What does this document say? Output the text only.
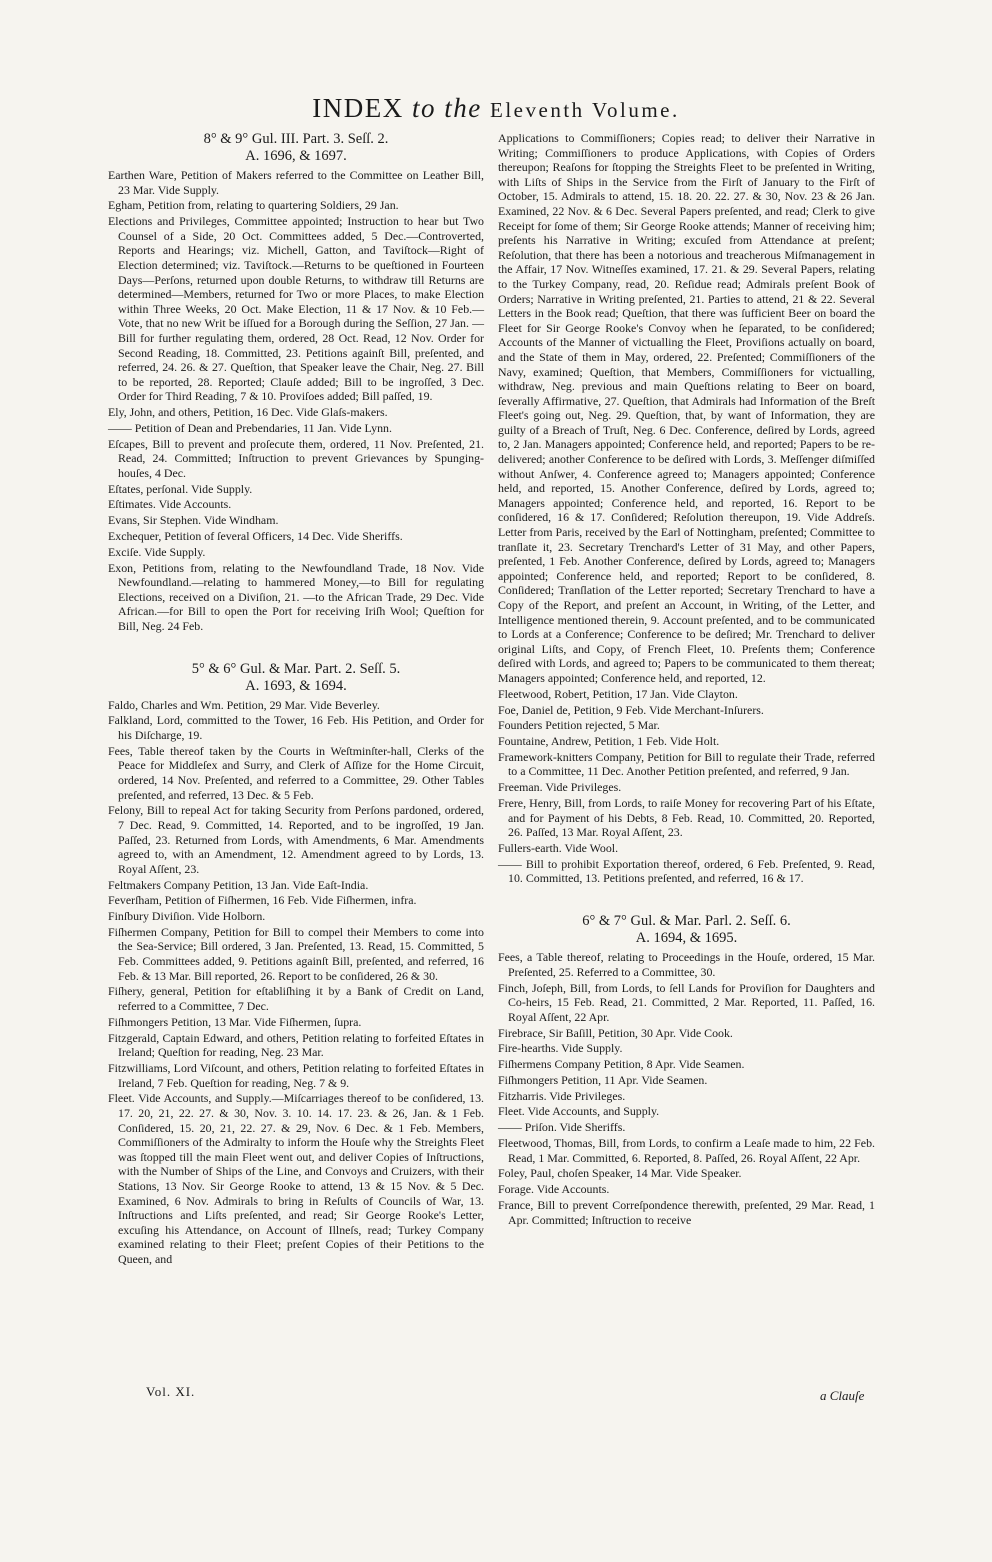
INDEX to the Eleventh Volume.

8° & 9° Gul. III. Part. 3. Seſſ. 2.

A. 1696, & 1697.

Earthen Ware, Petition of Makers referred to the Committee on Leather Bill, 23 Mar. Vide Supply.

Egham, Petition from, relating to quartering Soldiers, 29 Jan.

Elections and Privileges, Committee appointed; Instruction to hear but Two Counsel of a Side, 20 Oct. Committees added, 5 Dec.—Controverted, Reports and Hearings; viz. Michell, Gatton, and Taviſtock—Right of Election determined; viz. Taviſtock.—Returns to be queſtioned in Fourteen Days—Perſons, returned upon double Returns, to withdraw till Returns are determined—Members, returned for Two or more Places, to make Election within Three Weeks, 20 Oct. Make Election, 11 & 17 Nov. & 10 Feb.—Vote, that no new Writ be iſſued for a Borough during the Seſſion, 27 Jan. —Bill for further regulating them, ordered, 28 Oct. Read, 12 Nov. Order for Second Reading, 18. Committed, 23. Petitions againſt Bill, preſented, and referred, 24. 26. & 27. Queſtion, that Speaker leave the Chair, Neg. 27. Bill to be reported, 28. Reported; Clauſe added; Bill to be ingroſſed, 3 Dec. Order for Third Reading, 7 & 10. Proviſoes added; Bill paſſed, 19.

Ely, John, and others, Petition, 16 Dec. Vide Glaſs-makers.

—— Petition of Dean and Prebendaries, 11 Jan. Vide Lynn.

Eſcapes, Bill to prevent and proſecute them, ordered, 11 Nov. Preſented, 21. Read, 24. Committed; Inſtruction to prevent Grievances by Spunging-houſes, 4 Dec.

Eſtates, perſonal. Vide Supply.

Eſtimates. Vide Accounts.

Evans, Sir Stephen. Vide Windham.

Exchequer, Petition of ſeveral Officers, 14 Dec. Vide Sheriffs.

Exciſe. Vide Supply.

Exon, Petitions from, relating to the Newfoundland Trade, 18 Nov. Vide Newfoundland.—relating to hammered Money,—to Bill for regulating Elections, received on a Diviſion, 21. —to the African Trade, 29 Dec. Vide African.—for Bill to open the Port for receiving Iriſh Wool; Queſtion for Bill, Neg. 24 Feb.

5° & 6° Gul. & Mar. Part. 2. Seſſ. 5.

A. 1693, & 1694.

Faldo, Charles and Wm. Petition, 29 Mar. Vide Beverley.

Falkland, Lord, committed to the Tower, 16 Feb. His Petition, and Order for his Diſcharge, 19.

Fees, Table thereof taken by the Courts in Weſtminſter-hall, Clerks of the Peace for Middleſex and Surry, and Clerk of Aſſize for the Home Circuit, ordered, 14 Nov. Preſented, and referred to a Committee, 29. Other Tables preſented, and referred, 13 Dec. & 5 Feb.

Felony, Bill to repeal Act for taking Security from Perſons pardoned, ordered, 7 Dec. Read, 9. Committed, 14. Reported, and to be ingroſſed, 19 Jan. Paſſed, 23. Returned from Lords, with Amendments, 6 Mar. Amendments agreed to, with an Amendment, 12. Amendment agreed to by Lords, 13. Royal Aſſent, 23.

Feltmakers Company Petition, 13 Jan. Vide Eaſt-India.

Feverſham, Petition of Fiſhermen, 16 Feb. Vide Fiſhermen, infra.

Finſbury Diviſion. Vide Holborn.

Fiſhermen Company, Petition for Bill to compel their Members to come into the Sea-Service; Bill ordered, 3 Jan. Preſented, 13. Read, 15. Committed, 5 Feb. Committees added, 9. Petitions againſt Bill, preſented, and referred, 16 Feb. & 13 Mar. Bill reported, 26. Report to be conſidered, 26 & 30.

Fiſhery, general, Petition for eſtabliſhing it by a Bank of Credit on Land, referred to a Committee, 7 Dec.

Fiſhmongers Petition, 13 Mar. Vide Fiſhermen, ſupra.

Fitzgerald, Captain Edward, and others, Petition relating to forfeited Eſtates in Ireland; Queſtion for reading, Neg. 23 Mar.

Fitzwilliams, Lord Viſcount, and others, Petition relating to forfeited Eſtates in Ireland, 7 Feb. Queſtion for reading, Neg. 7 & 9.

Fleet. Vide Accounts, and Supply.—Miſcarriages thereof to be conſidered, 13. 17. 20, 21, 22. 27. & 30, Nov. 3. 10. 14. 17. 23. & 26, Jan. & 1 Feb. Conſidered, 15. 20, 21, 22. 27. & 29, Nov. 6 Dec. & 1 Feb. Members, Commiſſioners of the Admiralty to inform the Houſe why the Streights Fleet was ſtopped till the main Fleet went out, and deliver Copies of Inſtructions, with the Number of Ships of the Line, and Convoys and Cruizers, with their Stations, 13 Nov. Sir George Rooke to attend, 13 & 15 Nov. & 5 Dec. Examined, 6 Nov. Admirals to bring in Reſults of Councils of War, 13. Inſtructions and Liſts preſented, and read; Sir George Rooke's Letter, excuſing his Attendance, on Account of Illneſs, read; Turkey Company examined relating to their Fleet; preſent Copies of their Petitions to the Queen, and

Applications to Commiſſioners; Copies read; to deliver their Narrative in Writing; Commiſſioners to produce Applications, with Copies of Orders thereupon; Reaſons for ſtopping the Streights Fleet to be preſented in Writing, with Liſts of Ships in the Service from the Firſt of January to the Firſt of October, 15. Admirals to attend, 15. 18. 20. 22. 27. & 30, Nov. 23 & 26 Jan. Examined, 22 Nov. & 6 Dec. Several Papers preſented, and read; Clerk to give Receipt for ſome of them; Sir George Rooke attends; Manner of receiving him; preſents his Narrative in Writing; excuſed from Attendance at preſent; Reſolution, that there has been a notorious and treacherous Miſmanagement in the Affair, 17 Nov. Witneſſes examined, 17. 21. & 29. Several Papers, relating to the Turkey Company, read, 20. Reſidue read; Admirals preſent Book of Orders; Narrative in Writing preſented, 21. Parties to attend, 21 & 22. Several Letters in the Book read; Queſtion, that there was ſufficient Beer on board the Fleet for Sir George Rooke's Convoy when he ſeparated, to be conſidered; Accounts of the Manner of victualling the Fleet, Proviſions actually on board, and the State of them in May, ordered, 22. Preſented; Commiſſioners of the Navy, examined; Queſtion, that Members, Commiſſioners for victualling, withdraw, Neg. previous and main Queſtions relating to Beer on board, ſeverally Affirmative, 27. Queſtion, that Admirals had Information of the Breſt Fleet's going out, Neg. 29. Queſtion, that, by want of Information, they are guilty of a Breach of Truſt, Neg. 6 Dec. Conference, deſired by Lords, agreed to, 2 Jan. Managers appointed; Conference held, and reported; Papers to be re-delivered; another Conference to be deſired with Lords, 3. Meſſenger diſmiſſed without Anſwer, 4. Conference agreed to; Managers appointed; Conference held, and reported, 15. Another Conference, deſired by Lords, agreed to; Managers appointed; Conference held, and reported, 16. Report to be conſidered, 16 & 17. Conſidered; Reſolution thereupon, 19. Vide Addreſs. Letter from Paris, received by the Earl of Nottingham, preſented; Committee to tranſlate it, 23. Secretary Trenchard's Letter of 31 May, and other Papers, preſented, 1 Feb. Another Conference, deſired by Lords, agreed to; Managers appointed; Conference held, and reported; Report to be conſidered, 8. Conſidered; Tranſlation of the Letter reported; Secretary Trenchard to have a Copy of the Report, and preſent an Account, in Writing, of the Letter, and Intelligence mentioned therein, 9. Account preſented, and to be communicated to Lords at a Conference; Conference to be deſired; Mr. Trenchard to deliver original Liſts, and Copy, of French Fleet, 10. Preſents them; Conference deſired with Lords, and agreed to; Papers to be communicated to them thereat; Managers appointed; Conference held, and reported, 12.

Fleetwood, Robert, Petition, 17 Jan. Vide Clayton.

Foe, Daniel de, Petition, 9 Feb. Vide Merchant-Inſurers.

Founders Petition rejected, 5 Mar.

Fountaine, Andrew, Petition, 1 Feb. Vide Holt.

Framework-knitters Company, Petition for Bill to regulate their Trade, referred to a Committee, 11 Dec. Another Petition preſented, and referred, 9 Jan.

Freeman. Vide Privileges.

Frere, Henry, Bill, from Lords, to raiſe Money for recovering Part of his Eſtate, and for Payment of his Debts, 8 Feb. Read, 10. Committed, 20. Reported, 26. Paſſed, 13 Mar. Royal Aſſent, 23.

Fullers-earth. Vide Wool.

—— Bill to prohibit Exportation thereof, ordered, 6 Feb. Preſented, 9. Read, 10. Committed, 13. Petitions preſented, and referred, 16 & 17.

6° & 7° Gul. & Mar. Parl. 2. Seſſ. 6.

A. 1694, & 1695.

Fees, a Table thereof, relating to Proceedings in the Houſe, ordered, 15 Mar. Preſented, 25. Referred to a Committee, 30.

Finch, Joſeph, Bill, from Lords, to ſell Lands for Proviſion for Daughters and Co-heirs, 15 Feb. Read, 21. Committed, 2 Mar. Reported, 11. Paſſed, 16. Royal Aſſent, 22 Apr.

Firebrace, Sir Baſill, Petition, 30 Apr. Vide Cook.

Fire-hearths. Vide Supply.

Fiſhermens Company Petition, 8 Apr. Vide Seamen.

Fiſhmongers Petition, 11 Apr. Vide Seamen.

Fitzharris. Vide Privileges.

Fleet. Vide Accounts, and Supply.

—— Priſon. Vide Sheriffs.

Fleetwood, Thomas, Bill, from Lords, to confirm a Leaſe made to him, 22 Feb. Read, 1 Mar. Committed, 6. Reported, 8. Paſſed, 26. Royal Aſſent, 22 Apr.

Foley, Paul, choſen Speaker, 14 Mar. Vide Speaker.

Forage. Vide Accounts.

France, Bill to prevent Correſpondence therewith, preſented, 29 Mar. Read, 1 Apr. Committed; Inſtruction to receive

Vol. XI.	a Clauſe
